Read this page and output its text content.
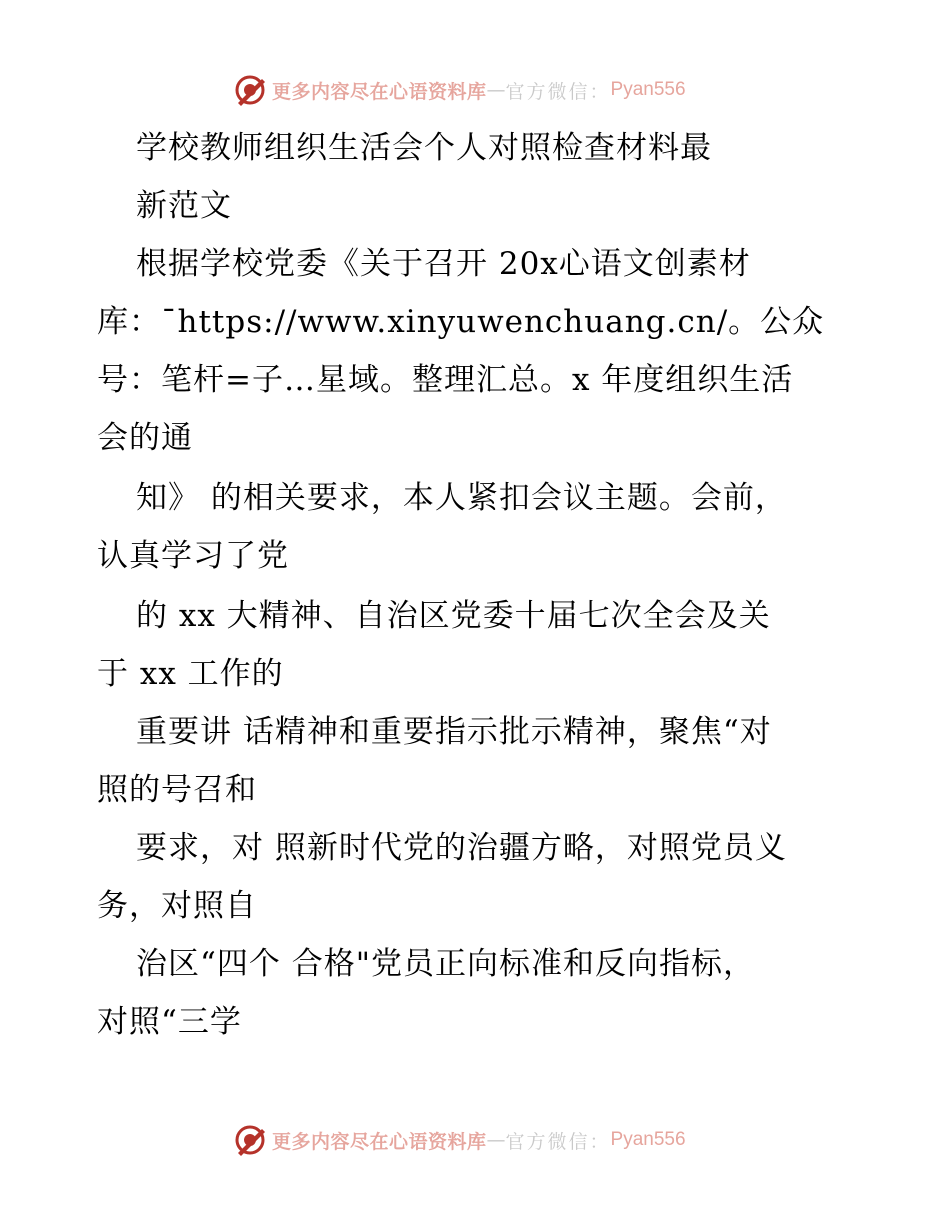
更多内容尽在心语资料库 — 官方微信： Pyan556
学校教师组织生活会个人对照检查材料最
新范文
根据学校党委《关于召开 20x心语文创素材
库：¯https://www.xinyuwenchuang.cn/。公众
号：笔杆=子…星域。整理汇总。x 年度组织生活
会的通
知》 的相关要求，本人紧扣会议主题。会前，
认真学习了党
的 xx 大精神、自治区党委十届七次全会及关
于 xx 工作的
重要讲 话精神和重要指示批示精神，聚焦“对
照的号召和
要求，对 照新时代党的治疆方略，对照党员义
务，对照自
治区“四个 合格"党员正向标准和反向指标，
对照“三学
更多内容尽在心语资料库 — 官方微信： Pyan556
